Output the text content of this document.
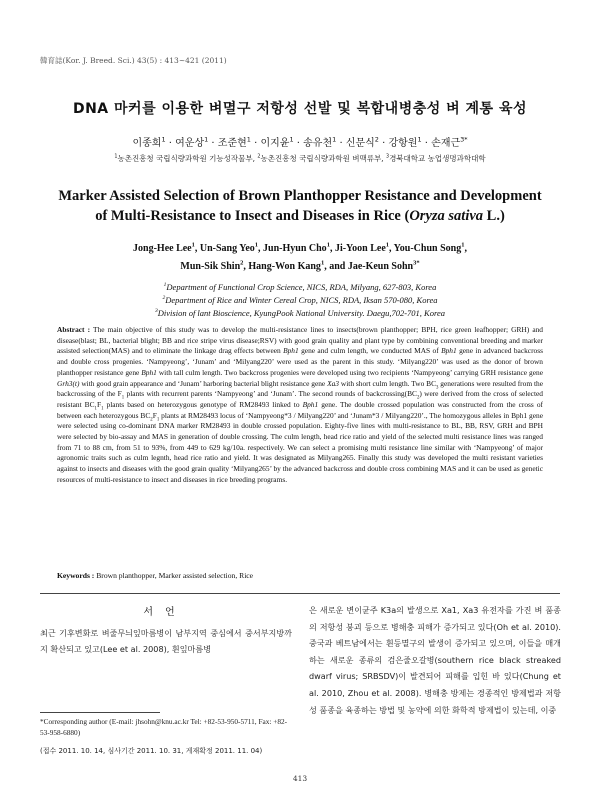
韓育誌(Kor. J. Breed. Sci.) 43(5) : 413~421 (2011)
DNA 마커를 이용한 벼멸구 저항성 선발 및 복합내병충성 벼 계통 육성
이종희$^1$ · 여운상$^1$ · 조준현$^1$ · 이지윤$^1$ · 송유천$^1$ · 신문식$^2$ · 강항원$^1$ · 손재근$^{3*}$
$^1$농촌진흥청 국립식량과학원 기능성작물부, $^2$농촌진흥청 국립식량과학원 벼맥류부, $^3$경북대학교 농업생명과학대학
Marker Assisted Selection of Brown Planthopper Resistance and Development
of Multi-Resistance to Insect and Diseases in Rice (Oryza sativa L.)
Jong-Hee Lee$^1$, Un-Sang Yeo$^1$, Jun-Hyun Cho$^1$, Ji-Yoon Lee$^1$, You-Chun Song$^1$,
Mun-Sik Shin$^2$, Hang-Won Kang$^1$, and Jae-Keun Sohn$^{3*}$
$^1$Department of Functional Crop Science, NICS, RDA, Milyang, 627-803, Korea
$^2$Department of Rice and Winter Cereal Crop, NICS, RDA, Iksan 570-080, Korea
$^3$Division of lant Bioscience, KyungPook National University. Daegu,702-701, Korea
Abstract : The main objective of this study was to develop the multi-resistance lines to insects(brown planthopper; BPH, rice green leafhopper; GRH) and disease(blast; BL, bacterial blight; BB and rice stripe virus disease;RSV) with good grain quality and plant type by combining conventional breeding and marker assisted selection(MAS) and to eliminate the linkage drag effects between Bph1 gene and culm length, we conducted MAS of Bph1 gene in advanced backcross and double cross progenies. ‘Nampyeong’, ‘Junam’ and ‘Milyang220’ were used as the parent in this study. ‘Milyang220’ was used as the donor of brown planthopper resistance gene Bph1 with tall culm length. Two backcross progenies were developed using two recipients ‘Nampyeong’ carrying GRH resistance gene Grh3(t) with good grain appearance and ‘Junam’ harboring bacterial blight resistance gene Xa3 with short culm length. Two $BC_3$ generations were resulted from the backcrossing of the $F_1$ plants with recurrent parents ‘Nampyeong’ and ‘Junam’. The second rounds of $backcrossing(BC_2)$ were derived from the cross of selected resistant $BC_1F_1$ plants based on heterozygous genotype of RM28493 linked to Bph1 gene. The double crossed population was constructed from the cross of between each heterozygous $BC_2F_1$ plants at RM28493 locus of ‘Nampyeong*3 / Milyang220’ and ‘Junam*3 / Milyang220’., The homozygous alleles in Bph1 gene were selected using co-dominant DNA marker RM28493 in double crossed population. Eighty-five lines with multi-resistance to BL, BB, RSV, GRH and BPH were selected by bio-assay and MAS in generation of double crossing. The culm length, head rice ratio and yield of the selected multi resistance lines was ranged from 71 to 88 cm, from 51 to 93%, from 449 to 629 kg/10a. respectively. We can select a promising multi resistance line similar with ‘Nampyeong’ of major agronomic traits such as culm legnth, head rice ratio and yield. It was designated as Milyang265. Finally this study was developed the multi resistant varieties against to insects and diseases with the good grain quality ‘Milyang265’ by the advanced backcross and double cross combining MAS and it can be used as genetic resources of multi-resistance to insect and diseases in rice breeding programs.
Keywords : Brown planthopper, Marker assisted selection, Rice
서언
최근 기후변화로 벼줄무늬잎마름병이 남부지역 중심에서 중서부지방까지 확산되고 있고(Lee et al. 2008), 흰잎마름병
은 새로운 변이균주 K3a의 발생으로 Xa1, Xa3 유전자를 가진 벼 품종의 저항성 붕괴 등으로 병해충 피해가 증가되고 있다(Oh et al. 2010). 중국과 베트남에서는 흰등멸구의 발생이 증가되고 있으며, 이들을 매개하는 새로운 종류의 검은줄오갈병(southern rice black streaked dwarf virus; SRBSDV)이 발견되어 피해를 입힌 바 있다(Chung et al. 2010, Zhou et al. 2008). 병해충 방제는 경종적인 방제법과 저항성 품종을 육종하는 방법 및 농약에 의한 화학적 방제법이 있는데, 이중
*Corresponding author (E-mail: jhsohn@knu.ac.kr Tel: +82-53-950-5711, Fax: +82-53-958-6880)
(접수 2011. 10. 14, 심사기간 2011. 10. 31, 게재확정 2011. 11. 04)
413
